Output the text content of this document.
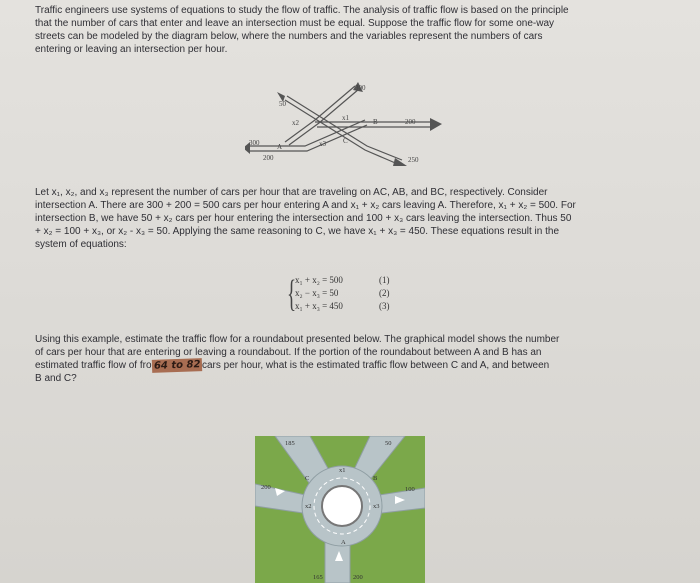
Traffic engineers use systems of equations to study the flow of traffic. The analysis of traffic flow is based on the principle
that the number of cars that enter and leave an intersection must be equal. Suppose the traffic flow for some one-way
streets can be modeled by the diagram below, where the numbers and the variables represent the numbers of cars
entering or leaving an intersection per hour.
300
50
200
300
200	250
A
B
C
x1
x2
x3
Let x₁, x₂, and x₃ represent the number of cars per hour that are traveling on AC, AB, and BC, respectively. Consider
intersection A. There are 300 + 200 = 500 cars per hour entering A and x₁ + x₂ cars leaving A. Therefore, x₁ + x₂ = 500. For
intersection B, we have 50 + x₂ cars per hour entering the intersection and 100 + x₃ cars leaving the intersection. Thus 50
+ x₂ = 100 + x₃, or x₂ - x₃ = 50. Applying the same reasoning to C, we have x₁ + x₃ = 450. These equations result in the
system of equations:
{
x₁ + x₂ = 500	(1)
x₂ − x₃ = 50	(2)
x₁ + x₃ = 450	(3)
Using this example, estimate the traffic flow for a roundabout presented below. The graphical model shows the number
of cars per hour that are entering or leaving a roundabout. If the portion of the roundabout between A and B has an
estimated traffic flow of fro 64 to 82 cars per hour, what is the estimated traffic flow between C and A, and between
B and C?
185	50
200	100
165	200
x1
x2	x3
A
B
C
